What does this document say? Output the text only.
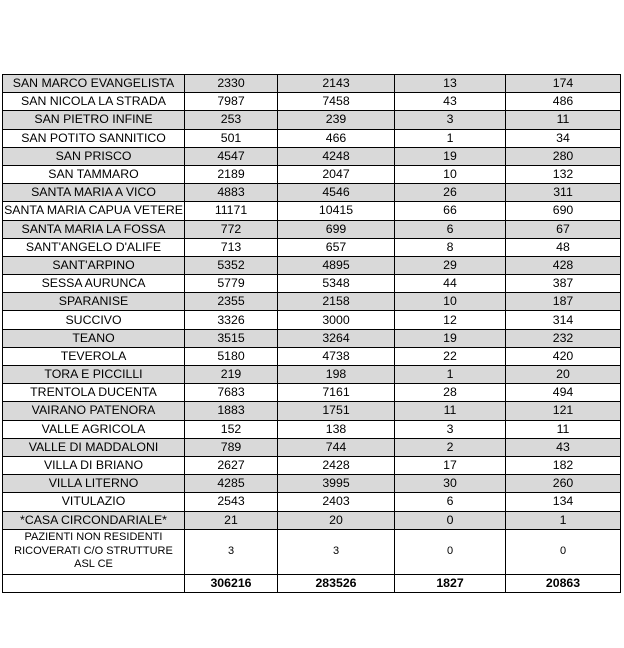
SAN MARCO EVANGELISTA	2330	2143	13	174
SAN NICOLA LA STRADA	7987	7458	43	486
SAN PIETRO INFINE	253	239	3	11
SAN POTITO SANNITICO	501	466	1	34
SAN PRISCO	4547	4248	19	280
SAN TAMMARO	2189	2047	10	132
SANTA MARIA A VICO	4883	4546	26	311
SANTA MARIA CAPUA VETERE	11171	10415	66	690
SANTA MARIA LA FOSSA	772	699	6	67
SANT'ANGELO D'ALIFE	713	657	8	48
SANT'ARPINO	5352	4895	29	428
SESSA AURUNCA	5779	5348	44	387
SPARANISE	2355	2158	10	187
SUCCIVO	3326	3000	12	314
TEANO	3515	3264	19	232
TEVEROLA	5180	4738	22	420
TORA E PICCILLI	219	198	1	20
TRENTOLA DUCENTA	7683	7161	28	494
VAIRANO PATENORA	1883	1751	11	121
VALLE AGRICOLA	152	138	3	11
VALLE DI MADDALONI	789	744	2	43
VILLA DI BRIANO	2627	2428	17	182
VILLA LITERNO	4285	3995	30	260
VITULAZIO	2543	2403	6	134
*CASA CIRCONDARIALE*	21	20	0	1
PAZIENTI NON RESIDENTI RICOVERATI C/O STRUTTURE ASL CE	3	3	0	0
	306216	283526	1827	20863
